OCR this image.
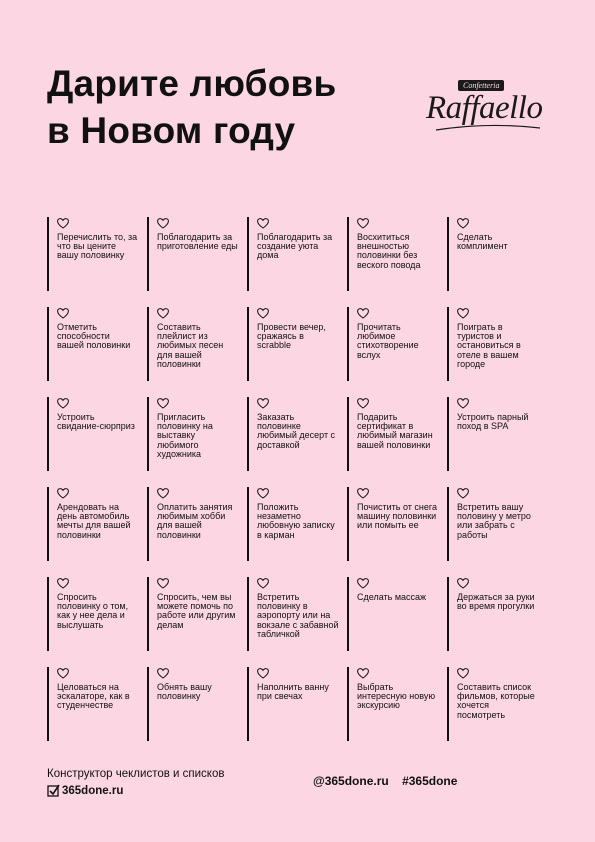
Дарите любовь
в Новом году
Confetteria
Raffaello
Перечислить то, за что вы цените вашу половинку
Поблагодарить за приготовление еды
Поблагодарить за создание уюта дома
Восхититься внешностью половинки без веского повода
Сделать комплимент
Отметить способности вашей половинки
Составить плейлист из любимых песен для вашей половинки
Провести вечер, сражаясь в scrabble
Прочитать любимое стихотворение вслух
Поиграть в туристов и остановиться в отеле в вашем городе
Устроить свидание-сюрприз
Пригласить половинку на выставку любимого художника
Заказать половинке любимый десерт с доставкой
Подарить сертификат в любимый магазин вашей половинки
Устроить парный поход в SPA
Арендовать на день автомобиль мечты для вашей половинки
Оплатить занятия любимым хобби для вашей половинки
Положить незаметно любовную записку в карман
Почистить от снега машину половинки или помыть ее
Встретить вашу половину у метро или забрать с работы
Спросить половинку о том, как у нее дела и выслушать
Спросить, чем вы можете помочь по работе или другим делам
Встретить половинку в аэропорту или на вокзале с забавной табличкой
Сделать массаж	Держаться за руки во время прогулки
Целоваться на эскалаторе, как в студенчестве
Обнять вашу половинку
Наполнить ванну при свечах
Выбрать интересную новую экскурсию
Составить список фильмов, которые хочется посмотреть
Конструктор чеклистов и списков
365done.ru
@365done.ru #365done
